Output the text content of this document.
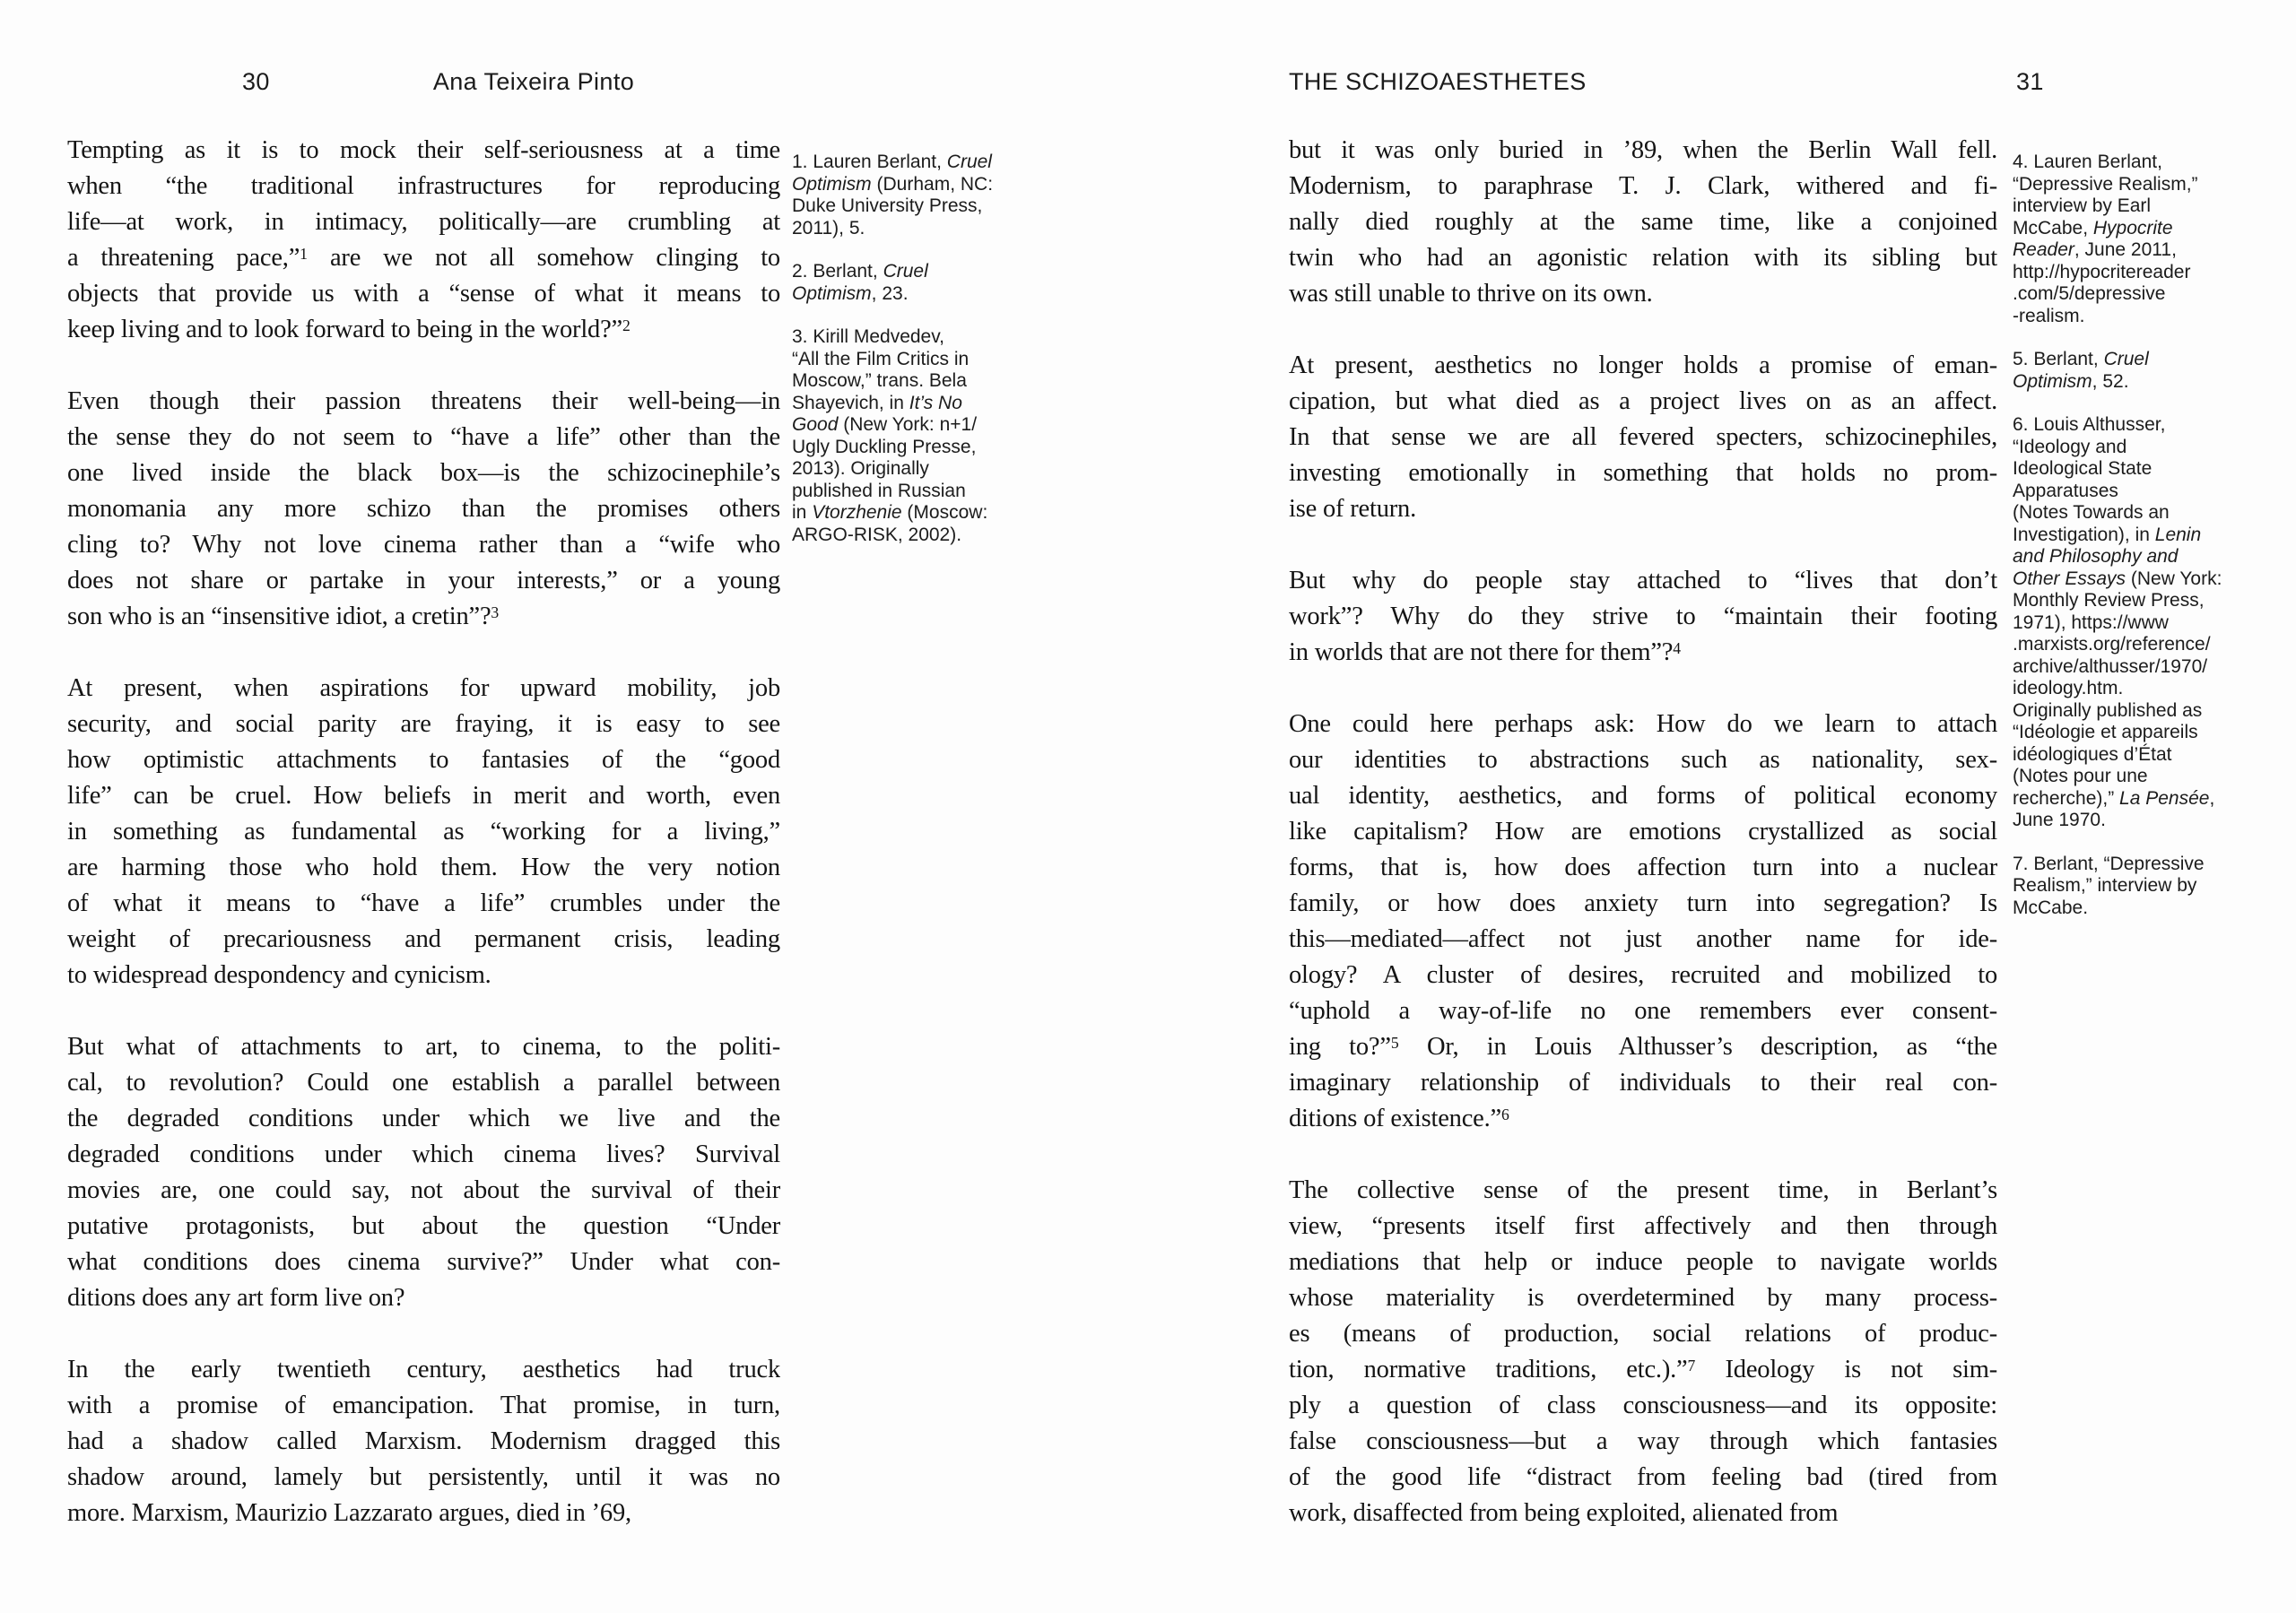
30	Ana Teixeira Pinto
Tempting as it is to mock their self-seriousness at a time
when “the traditional infrastructures for reproducing
life—at work, in intimacy, politically—are crumbling at
a threatening pace,”$^1$ are we not all somehow clinging to
objects that provide us with a “sense of what it means to
keep living and to look forward to being in the world?”$^2$
Even though their passion threatens their well-being—in
the sense they do not seem to “have a life” other than the
one lived inside the black box—is the schizocinephile’s
monomania any more schizo than the promises others
cling to? Why not love cinema rather than a “wife who
does not share or partake in your interests,” or a young
son who is an “insensitive idiot, a cretin”?$^3$
At present, when aspirations for upward mobility, job
security, and social parity are fraying, it is easy to see
how optimistic attachments to fantasies of the “good
life” can be cruel. How beliefs in merit and worth, even
in something as fundamental as “working for a living,”
are harming those who hold them. How the very notion
of what it means to “have a life” crumbles under the
weight of precariousness and permanent crisis, leading
to widespread despondency and cynicism.
But what of attachments to art, to cinema, to the politi-
cal, to revolution? Could one establish a parallel between
the degraded conditions under which we live and the
degraded conditions under which cinema lives? Survival
movies are, one could say, not about the survival of their
putative protagonists, but about the question “Under
what conditions does cinema survive?” Under what con-
ditions does any art form live on?
In the early twentieth century, aesthetics had truck
with a promise of emancipation. That promise, in turn,
had a shadow called Marxism. Modernism dragged this
shadow around, lamely but persistently, until it was no
more. Marxism, Maurizio Lazzarato argues, died in ’69,
1. Lauren Berlant, Cruel
Optimism (Durham, NC:
Duke University Press,
2011), 5.
2. Berlant, Cruel
Optimism, 23.
3. Kirill Medvedev,
“All the Film Critics in
Moscow,” trans. Bela
Shayevich, in It’s No
Good (New York: n+1/
Ugly Duckling Presse,
2013). Originally
published in Russian
in Vtorzhenie (Moscow:
ARGO-RISK, 2002).
THE SCHIZOAESTHETES	31
but it was only buried in ’89, when the Berlin Wall fell.
Modernism, to paraphrase T. J. Clark, withered and fi-
nally died roughly at the same time, like a conjoined
twin who had an agonistic relation with its sibling but
was still unable to thrive on its own.
At present, aesthetics no longer holds a promise of eman-
cipation, but what died as a project lives on as an affect.
In that sense we are all fevered specters, schizocinephiles,
investing emotionally in something that holds no prom-
ise of return.
But why do people stay attached to “lives that don’t
work”? Why do they strive to “maintain their footing
in worlds that are not there for them”?$^4$
One could here perhaps ask: How do we learn to attach
our identities to abstractions such as nationality, sex-
ual identity, aesthetics, and forms of political economy
like capitalism? How are emotions crystallized as social
forms, that is, how does affection turn into a nuclear
family, or how does anxiety turn into segregation? Is
this—mediated—affect not just another name for ide-
ology? A cluster of desires, recruited and mobilized to
“uphold a way-of-life no one remembers ever consent-
ing to?”$^5$ Or, in Louis Althusser’s description, as “the
imaginary relationship of individuals to their real con-
ditions of existence.”$^6$
The collective sense of the present time, in Berlant’s
view, “presents itself first affectively and then through
mediations that help or induce people to navigate worlds
whose materiality is overdetermined by many process-
es (means of production, social relations of produc-
tion, normative traditions, etc.).”$^7$ Ideology is not sim-
ply a question of class consciousness—and its opposite:
false consciousness—but a way through which fantasies
of the good life “distract from feeling bad (tired from
work, disaffected from being exploited, alienated from
4. Lauren Berlant,
“Depressive Realism,”
interview by Earl
McCabe, Hypocrite
Reader, June 2011,
http://hypocritereader
.com/5/depressive
-realism.
5. Berlant, Cruel
Optimism, 52.
6. Louis Althusser,
“Ideology and
Ideological State
Apparatuses
(Notes Towards an
Investigation), in Lenin
and Philosophy and
Other Essays (New York:
Monthly Review Press,
1971), https://www
.marxists.org/reference/
archive/althusser/1970/
ideology.htm.
Originally published as
“Idéologie et appareils
idéologiques d’État
(Notes pour une
recherche),” La Pensée,
June 1970.
7. Berlant, “Depressive
Realism,” interview by
McCabe.
